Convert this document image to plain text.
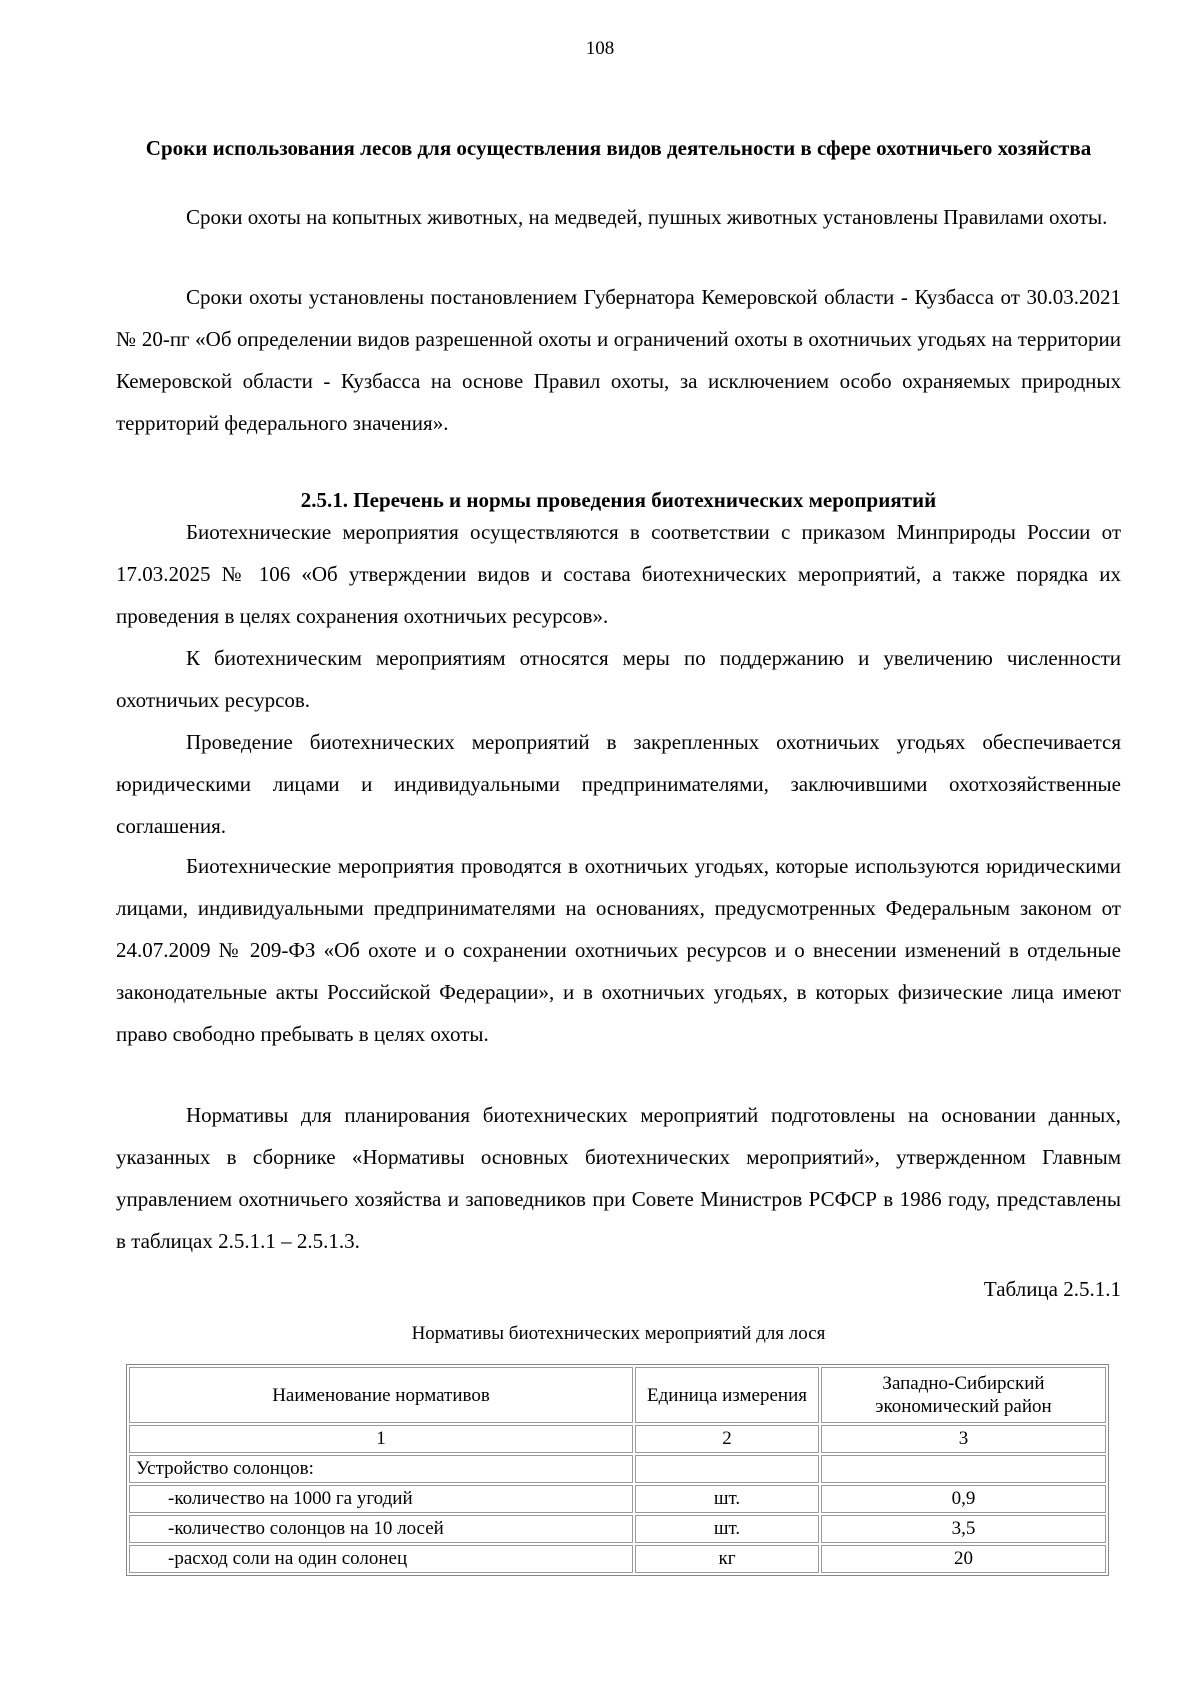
108
Сроки использования лесов для осуществления видов деятельности в сфере охотничьего хозяйства

Сроки охоты на копытных животных, на медведей, пушных животных установлены Правилами охоты.

Сроки охоты установлены постановлением Губернатора Кемеровской области - Кузбасса от 30.03.2021 № 20-пг «Об определении видов разрешенной охоты и ограничений охоты в охотничьих угодьях на территории Кемеровской области - Кузбасса на основе Правил охоты, за исключением особо охраняемых природных территорий федерального значения».

2.5.1. Перечень и нормы проведения биотехнических мероприятий

Биотехнические мероприятия осуществляются в соответствии с приказом Минприроды России от 17.03.2025 № 106 «Об утверждении видов и состава биотехнических мероприятий, а также порядка их проведения в целях сохранения охотничьих ресурсов».

К биотехническим мероприятиям относятся меры по поддержанию и увеличению численности охотничьих ресурсов.

Проведение биотехнических мероприятий в закрепленных охотничьих угодьях обеспечивается юридическими лицами и индивидуальными предпринимателями, заключившими охотхозяйственные соглашения.

Биотехнические мероприятия проводятся в охотничьих угодьях, которые используются юридическими лицами, индивидуальными предпринимателями на основаниях, предусмотренных Федеральным законом от 24.07.2009 № 209-ФЗ «Об охоте и о сохранении охотничьих ресурсов и о внесении изменений в отдельные законодательные акты Российской Федерации», и в охотничьих угодьях, в которых физические лица имеют право свободно пребывать в целях охоты.

Нормативы для планирования биотехнических мероприятий подготовлены на основании данных, указанных в сборнике «Нормативы основных биотехнических мероприятий», утвержденном Главным управлением охотничьего хозяйства и заповедников при Совете Министров РСФСР в 1986 году, представлены в таблицах 2.5.1.1 – 2.5.1.3.

Таблица 2.5.1.1
Нормативы биотехнических мероприятий для лося
Наименование нормативов	Единица измерения	Западно-Сибирский экономический район
1	2	3
Устройство солонцов:		
-количество на 1000 га угодий	шт.	0,9
-количество солонцов на 10 лосей	шт.	3,5
-расход соли на один солонец	кг	20
